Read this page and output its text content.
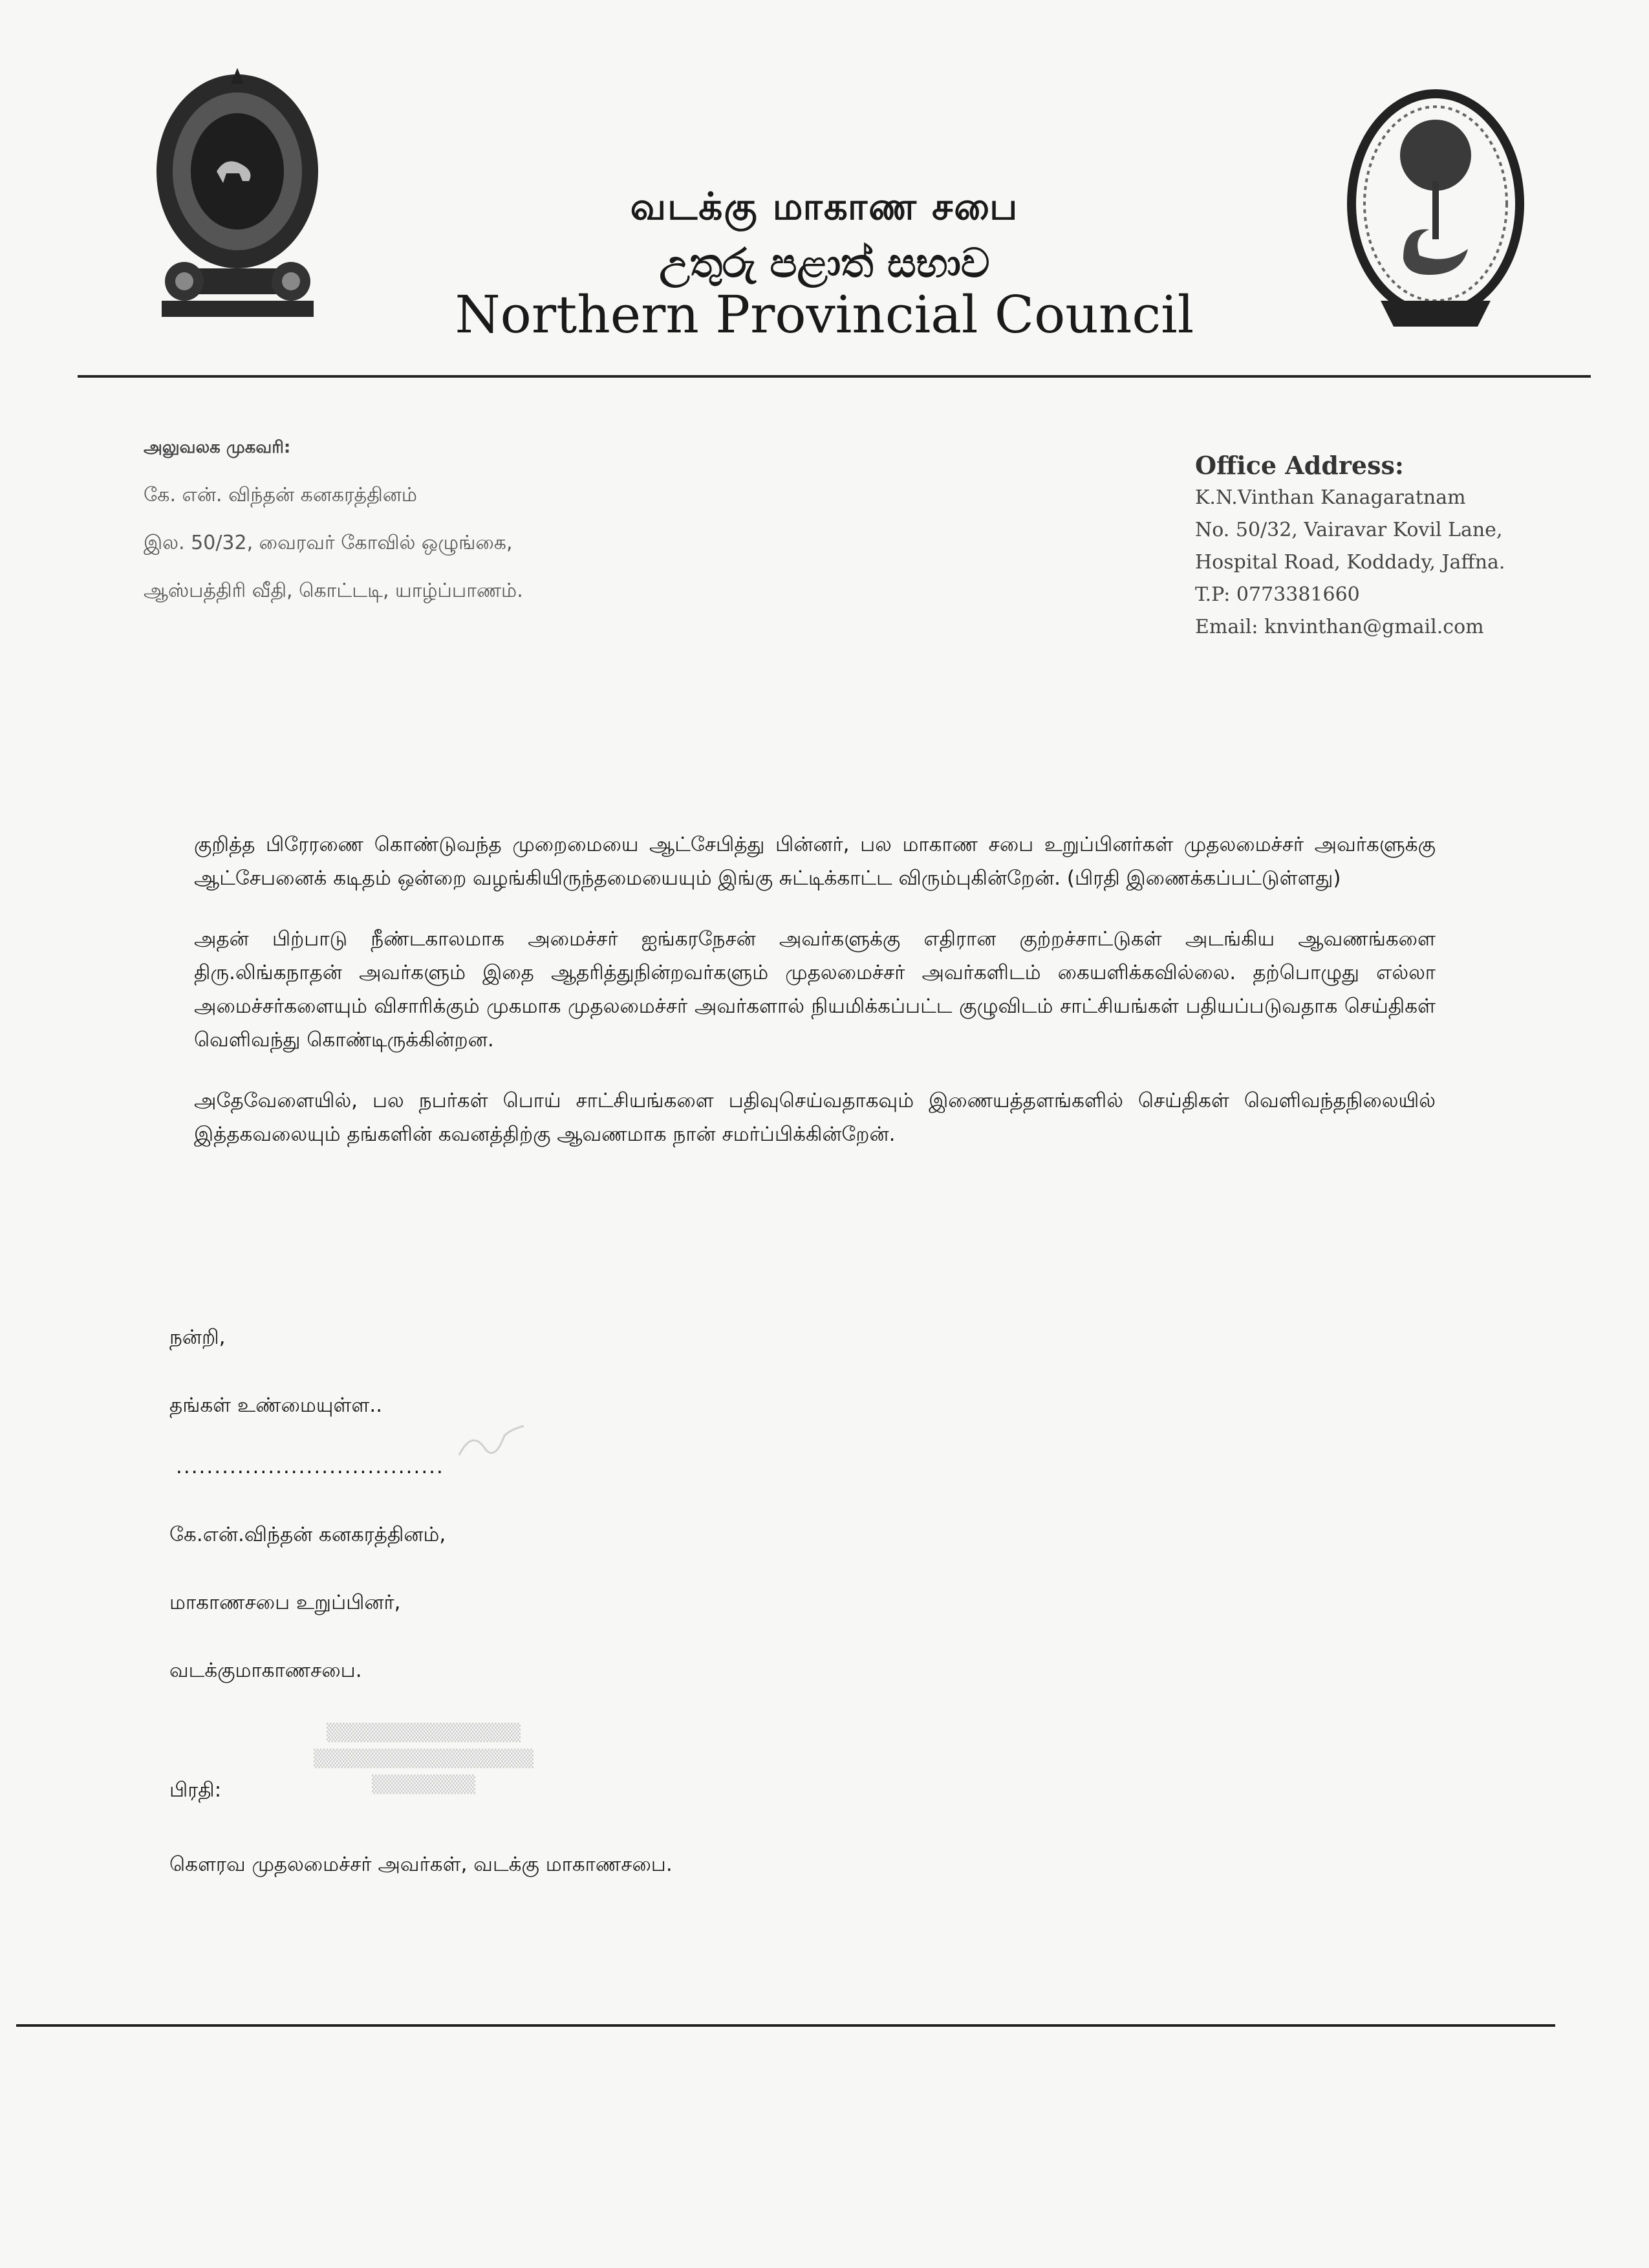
வடக்கு மாகாண சபை
උතුරු පළාත් සභාව
Northern Provincial Council
அலுவலக முகவரி:
கே. என். விந்தன் கனகரத்தினம்
இல. 50/32, வைரவர் கோவில் ஒழுங்கை,
ஆஸ்பத்திரி வீதி, கொட்டடி, யாழ்ப்பாணம்.
Office Address:
K.N.Vinthan Kanagaratnam
No. 50/32, Vairavar Kovil Lane,
Hospital Road, Koddady, Jaffna.
T.P: 0773381660
Email: knvinthan@gmail.com

குறித்த பிரேரணை கொண்டுவந்த முறைமையை ஆட்சேபித்து பின்னர், பல மாகாண சபை உறுப்பினர்கள் முதலமைச்சர் அவர்களுக்கு ஆட்சேபனைக் கடிதம் ஒன்றை வழங்கியிருந்தமையையும் இங்கு சுட்டிக்காட்ட விரும்புகின்றேன். (பிரதி இணைக்கப்பட்டுள்ளது)

அதன் பிற்பாடு நீண்டகாலமாக அமைச்சர் ஐங்கரநேசன் அவர்களுக்கு எதிரான குற்றச்சாட்டுகள் அடங்கிய ஆவணங்களை திரு.லிங்கநாதன் அவர்களும் இதை ஆதரித்துநின்றவர்களும் முதலமைச்சர் அவர்களிடம் கையளிக்கவில்லை. தற்பொழுது எல்லா அமைச்சர்களையும் விசாரிக்கும் முகமாக முதலமைச்சர் அவர்களால் நியமிக்கப்பட்ட குழுவிடம் சாட்சியங்கள் பதியப்படுவதாக செய்திகள் வெளிவந்து கொண்டிருக்கின்றன.

அதேவேளையில், பல நபர்கள் பொய் சாட்சியங்களை பதிவுசெய்வதாகவும் இணையத்தளங்களில் செய்திகள் வெளிவந்தநிலையில் இத்தகவலையும் தங்களின் கவனத்திற்கு ஆவணமாக நான் சமர்ப்பிக்கின்றேன்.

நன்றி,
தங்கள் உண்மையுள்ள..
...................................
கே.என்.விந்தன் கனகரத்தினம்,
மாகாணசபை உறுப்பினர்,
வடக்குமாகாணசபை.
▒▒▒▒▒▒▒▒▒▒▒▒▒▒▒
▒▒▒▒▒▒▒▒▒▒▒▒▒▒▒▒▒
▒▒▒▒▒▒▒▒
பிரதி:
கௌரவ முதலமைச்சர் அவர்கள், வடக்கு மாகாணசபை.
